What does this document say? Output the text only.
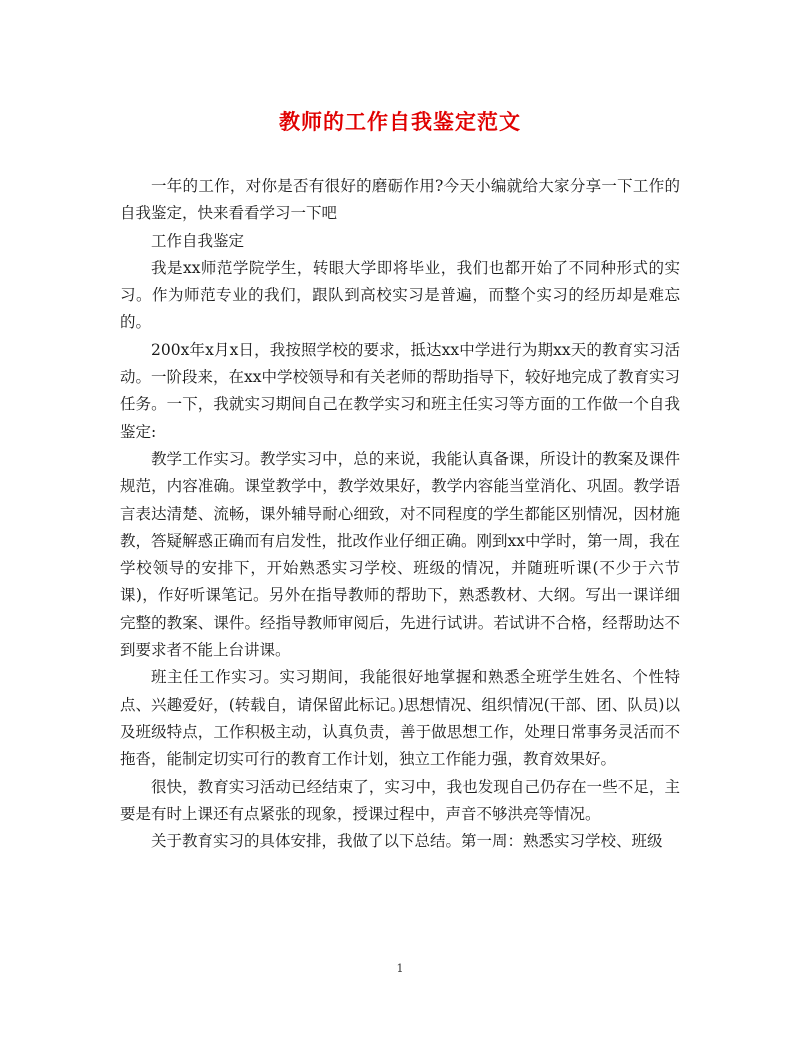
教师的工作自我鉴定范文

一年的工作，对你是否有很好的磨砺作用?今天小编就给大家分享一下工作的自我鉴定，快来看看学习一下吧

工作自我鉴定

我是xx师范学院学生，转眼大学即将毕业，我们也都开始了不同种形式的实习。作为师范专业的我们，跟队到高校实习是普遍，而整个实习的经历却是难忘的。

200x年x月x日，我按照学校的要求，抵达xx中学进行为期xx天的教育实习活动。一阶段来，在xx中学校领导和有关老师的帮助指导下，较好地完成了教育实习任务。一下，我就实习期间自己在教学实习和班主任实习等方面的工作做一个自我鉴定:

教学工作实习。教学实习中，总的来说，我能认真备课，所设计的教案及课件规范，内容准确。课堂教学中，教学效果好，教学内容能当堂消化、巩固。教学语言表达清楚、流畅，课外辅导耐心细致，对不同程度的学生都能区别情况，因材施教，答疑解惑正确而有启发性，批改作业仔细正确。刚到xx中学时，第一周，我在学校领导的安排下，开始熟悉实习学校、班级的情况，并随班听课(不少于六节课)，作好听课笔记。另外在指导教师的帮助下，熟悉教材、大纲。写出一课详细完整的教案、课件。经指导教师审阅后，先进行试讲。若试讲不合格，经帮助达不到要求者不能上台讲课。

班主任工作实习。实习期间，我能很好地掌握和熟悉全班学生姓名、个性特点、兴趣爱好，(转载自，请保留此标记。)思想情况、组织情况(干部、团、队员)以及班级特点，工作积极主动，认真负责，善于做思想工作，处理日常事务灵活而不拖沓，能制定切实可行的教育工作计划，独立工作能力强，教育效果好。

很快，教育实习活动已经结束了，实习中，我也发现自己仍存在一些不足，主要是有时上课还有点紧张的现象，授课过程中，声音不够洪亮等情况。

关于教育实习的具体安排，我做了以下总结。第一周：熟悉实习学校、班级

1
